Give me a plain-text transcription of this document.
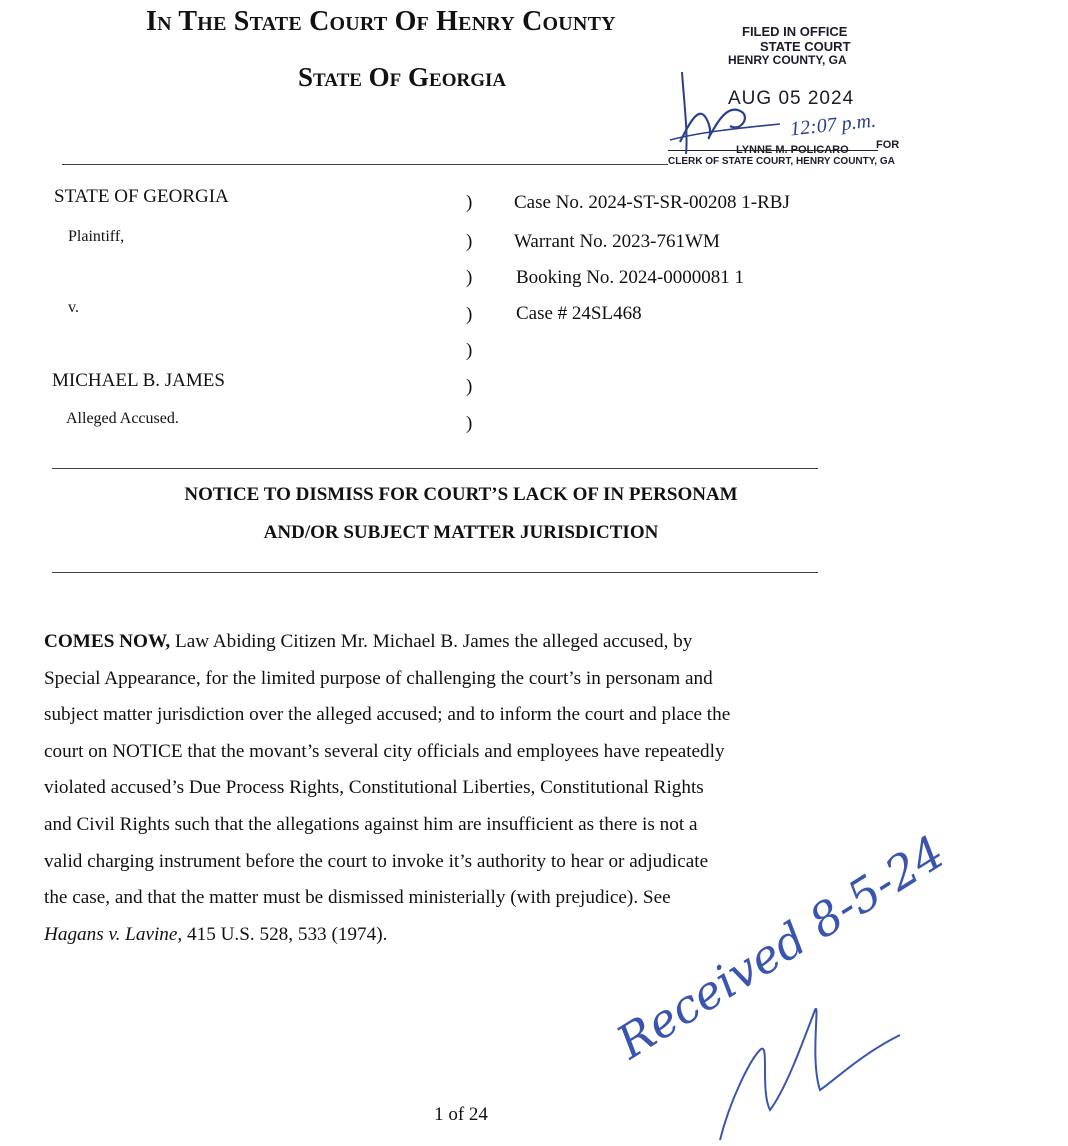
In The State Court Of Henry County
State Of Georgia
FILED IN OFFICE
STATE COURT
HENRY COUNTY, GA
AUG 05 2024
LYNNE M. POLICARO FOR
CLERK OF STATE COURT, HENRY COUNTY, GA
12:07 p.m.
STATE OF GEORGIA
Plaintiff,
v.
MICHAEL B. JAMES
Alleged Accused.
)
)
)
)
)
)
)
Case No. 2024-ST-SR-00208 1-RBJ
Warrant No. 2023-761WM
Booking No. 2024-0000081 1
Case # 24SL468
NOTICE TO DISMISS FOR COURT’S LACK OF IN PERSONAM
AND/OR SUBJECT MATTER JURISDICTION
COMES NOW, Law Abiding Citizen Mr. Michael B. James the alleged accused, by
Special Appearance, for the limited purpose of challenging the court’s in personam and
subject matter jurisdiction over the alleged accused; and to inform the court and place the
court on NOTICE that the movant’s several city officials and employees have repeatedly
violated accused’s Due Process Rights, Constitutional Liberties, Constitutional Rights
and Civil Rights such that the allegations against him are insufficient as there is not a
valid charging instrument before the court to invoke it’s authority to hear or adjudicate
the case, and that the matter must be dismissed ministerially (with prejudice). See
Hagans v. Lavine, 415 U.S. 528, 533 (1974).	Received 8-5-24
1 of 24
